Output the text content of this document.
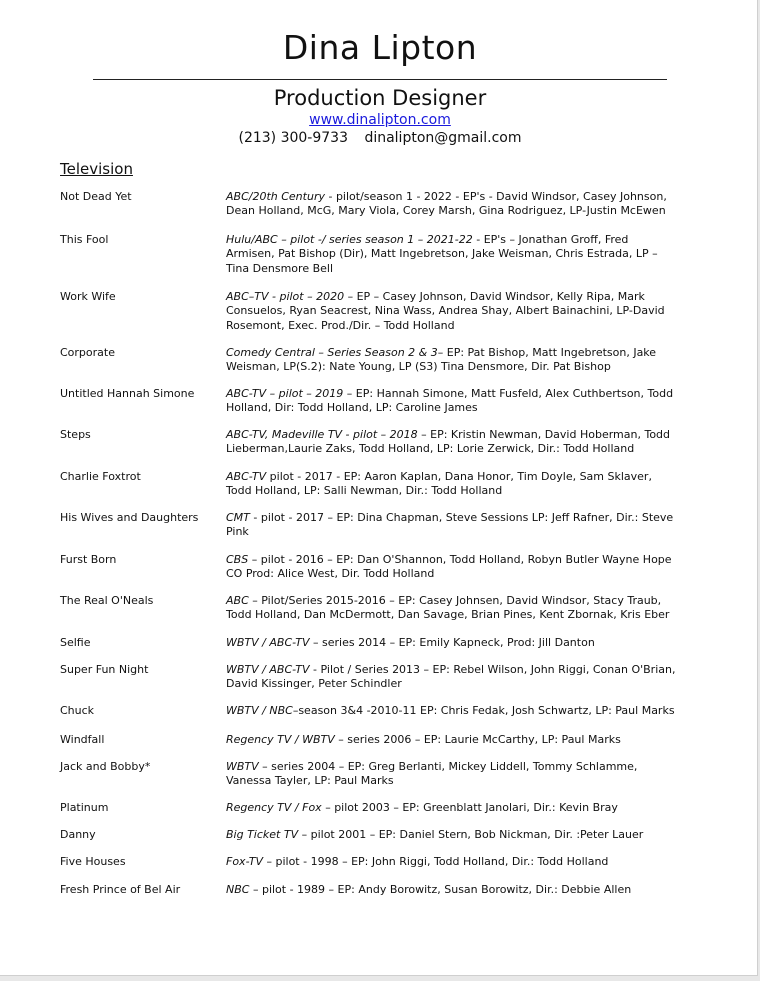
Dina Lipton
Production Designer
www.dinalipton.com
(213) 300-9733 dinalipton@gmail.com
Television
Not Dead Yet	ABC/20th Century - pilot/season 1 - 2022 - EP's - David Windsor, Casey Johnson, Dean Holland, McG, Mary Viola, Corey Marsh, Gina Rodriguez, LP-Justin McEwen
This Fool	Hulu/ABC – pilot -/ series season 1 – 2021-22 - EP's – Jonathan Groff, Fred Armisen, Pat Bishop (Dir), Matt Ingebretson, Jake Weisman, Chris Estrada, LP – Tina Densmore Bell
Work Wife	ABC–TV - pilot – 2020 – EP – Casey Johnson, David Windsor, Kelly Ripa, Mark Consuelos, Ryan Seacrest, Nina Wass, Andrea Shay, Albert Bainachini, LP-David Rosemont, Exec. Prod./Dir. – Todd Holland
Corporate	Comedy Central – Series Season 2 & 3– EP: Pat Bishop, Matt Ingebretson, Jake Weisman, LP(S.2): Nate Young, LP (S3) Tina Densmore, Dir. Pat Bishop
Untitled Hannah Simone	ABC-TV – pilot – 2019 – EP: Hannah Simone, Matt Fusfeld, Alex Cuthbertson, Todd Holland, Dir: Todd Holland, LP: Caroline James
Steps	ABC-TV, Madeville TV - pilot – 2018 – EP: Kristin Newman, David Hoberman, Todd Lieberman,Laurie Zaks, Todd Holland, LP: Lorie Zerwick, Dir.: Todd Holland
Charlie Foxtrot	ABC-TV pilot - 2017 - EP: Aaron Kaplan, Dana Honor, Tim Doyle, Sam Sklaver, Todd Holland, LP: Salli Newman, Dir.: Todd Holland
His Wives and Daughters	CMT - pilot - 2017 – EP: Dina Chapman, Steve Sessions LP: Jeff Rafner, Dir.: Steve Pink
Furst Born	CBS – pilot - 2016 – EP: Dan O'Shannon, Todd Holland, Robyn Butler Wayne Hope CO Prod: Alice West, Dir. Todd Holland
The Real O'Neals	ABC – Pilot/Series 2015-2016 – EP: Casey Johnsen, David Windsor, Stacy Traub, Todd Holland, Dan McDermott, Dan Savage, Brian Pines, Kent Zbornak, Kris Eber
Selfie	WBTV / ABC-TV – series 2014 – EP: Emily Kapneck, Prod: Jill Danton
Super Fun Night	WBTV / ABC-TV - Pilot / Series 2013 – EP: Rebel Wilson, John Riggi, Conan O'Brian, David Kissinger, Peter Schindler
Chuck	WBTV / NBC–season 3&4 -2010-11 EP: Chris Fedak, Josh Schwartz, LP: Paul Marks
Windfall	Regency TV / WBTV – series 2006 – EP: Laurie McCarthy, LP: Paul Marks
Jack and Bobby*	WBTV – series 2004 – EP: Greg Berlanti, Mickey Liddell, Tommy Schlamme, Vanessa Tayler, LP: Paul Marks
Platinum	Regency TV / Fox – pilot 2003 – EP: Greenblatt Janolari, Dir.: Kevin Bray
Danny	Big Ticket TV – pilot 2001 – EP: Daniel Stern, Bob Nickman, Dir. :Peter Lauer
Five Houses	Fox-TV – pilot - 1998 – EP: John Riggi, Todd Holland, Dir.: Todd Holland
Fresh Prince of Bel Air	NBC – pilot - 1989 – EP: Andy Borowitz, Susan Borowitz, Dir.: Debbie Allen
